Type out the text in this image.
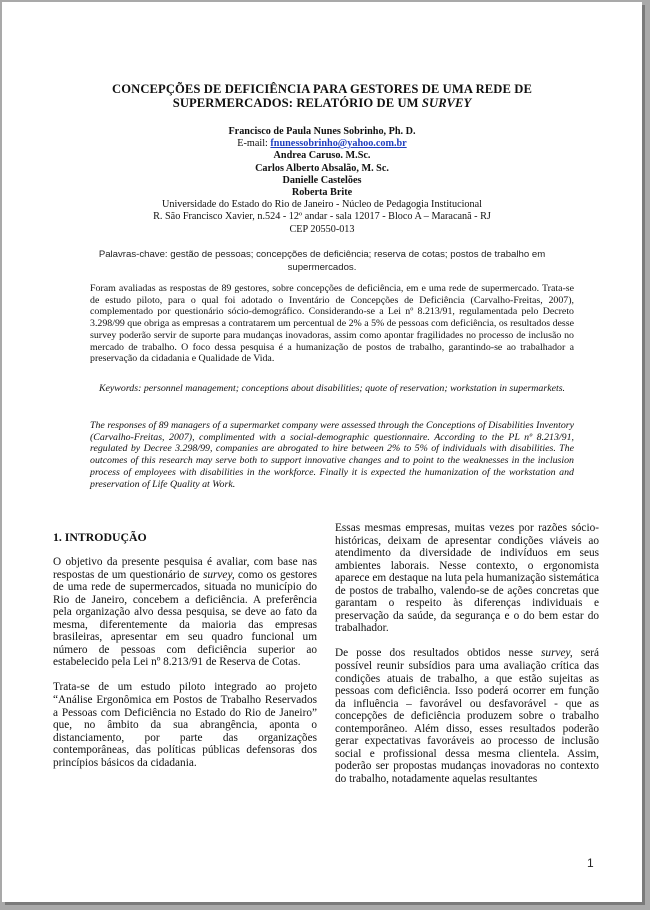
CONCEPÇÕES DE DEFICIÊNCIA PARA GESTORES DE UMA REDE DE
SUPERMERCADOS: RELATÓRIO DE UM SURVEY
Francisco de Paula Nunes Sobrinho, Ph. D.
E-mail: fnunessobrinho@yahoo.com.br
Andrea Caruso. M.Sc.
Carlos Alberto Absalão, M. Sc.
Danielle Castelões
Roberta Brite
Universidade do Estado do Rio de Janeiro - Núcleo de Pedagogia Institucional
R. São Francisco Xavier, n.524 - 12º andar - sala 12017 - Bloco A – Maracanã - RJ
CEP 20550-013
Palavras-chave: gestão de pessoas; concepções de deficiência; reserva de cotas; postos de trabalho em supermercados.
Foram avaliadas as respostas de 89 gestores, sobre concepções de deficiência, em e uma rede de supermercado. Trata-se de estudo piloto, para o qual foi adotado o Inventário de Concepções de Deficiência (Carvalho-Freitas, 2007), complementado por questionário sócio-demográfico. Considerando-se a Lei nº 8.213/91, regulamentada pelo Decreto 3.298/99 que obriga as empresas a contratarem um percentual de 2% a 5% de pessoas com deficiência, os resultados desse survey poderão servir de suporte para mudanças inovadoras, assim como apontar fragilidades no processo de inclusão no mercado de trabalho. O foco dessa pesquisa é a humanização de postos de trabalho, garantindo-se ao trabalhador a preservação da cidadania e Qualidade de Vida.
Keywords: personnel management; conceptions about disabilities; quote of reservation; workstation in supermarkets.
The responses of 89 managers of a supermarket company were assessed through the Conceptions of Disabilities Inventory (Carvalho-Freitas, 2007), complimented with a social-demographic questionnaire. According to the PL nº 8.213/91, regulated by Decree 3.298/99, companies are abrogated to hire between 2% to 5% of individuals with disabilities. The outcomes of this research may serve both to support innovative changes and to point to the weaknesses in the inclusion process of employees with disabilities in the workforce. Finally it is expected the humanization of the workstation and preservation of Life Quality at Work.
1. INTRODUÇÃO

O objetivo da presente pesquisa é avaliar, com base nas respostas de um questionário de survey, como os gestores de uma rede de supermercados, situada no município do Rio de Janeiro, concebem a deficiência. A preferência pela organização alvo dessa pesquisa, se deve ao fato da mesma, diferentemente da maioria das empresas brasileiras, apresentar em seu quadro funcional um número de pessoas com deficiência superior ao estabelecido pela Lei nº 8.213/91 de Reserva de Cotas.

Trata-se de um estudo piloto integrado ao projeto “Análise Ergonômica em Postos de Trabalho Reservados a Pessoas com Deficiência no Estado do Rio de Janeiro” que, no âmbito da sua abrangência, aponta o distanciamento, por parte das organizações contemporâneas, das políticas públicas defensoras dos princípios básicos da cidadania.

Essas mesmas empresas, muitas vezes por razões sócio-históricas, deixam de apresentar condições viáveis ao atendimento da diversidade de indivíduos em seus ambientes laborais. Nesse contexto, o ergonomista aparece em destaque na luta pela humanização sistemática de postos de trabalho, valendo-se de ações concretas que garantam o respeito às diferenças individuais e preservação da saúde, da segurança e o do bem estar do trabalhador.

De posse dos resultados obtidos nesse survey, será possível reunir subsídios para uma avaliação crítica das condições atuais de trabalho, a que estão sujeitas as pessoas com deficiência. Isso poderá ocorrer em função da influência – favorável ou desfavorável - que as concepções de deficiência produzem sobre o trabalho contemporâneo. Além disso, esses resultados poderão gerar expectativas favoráveis ao processo de inclusão social e profissional dessa mesma clientela. Assim, poderão ser propostas mudanças inovadoras no contexto do trabalho, notadamente aquelas resultantes

1
